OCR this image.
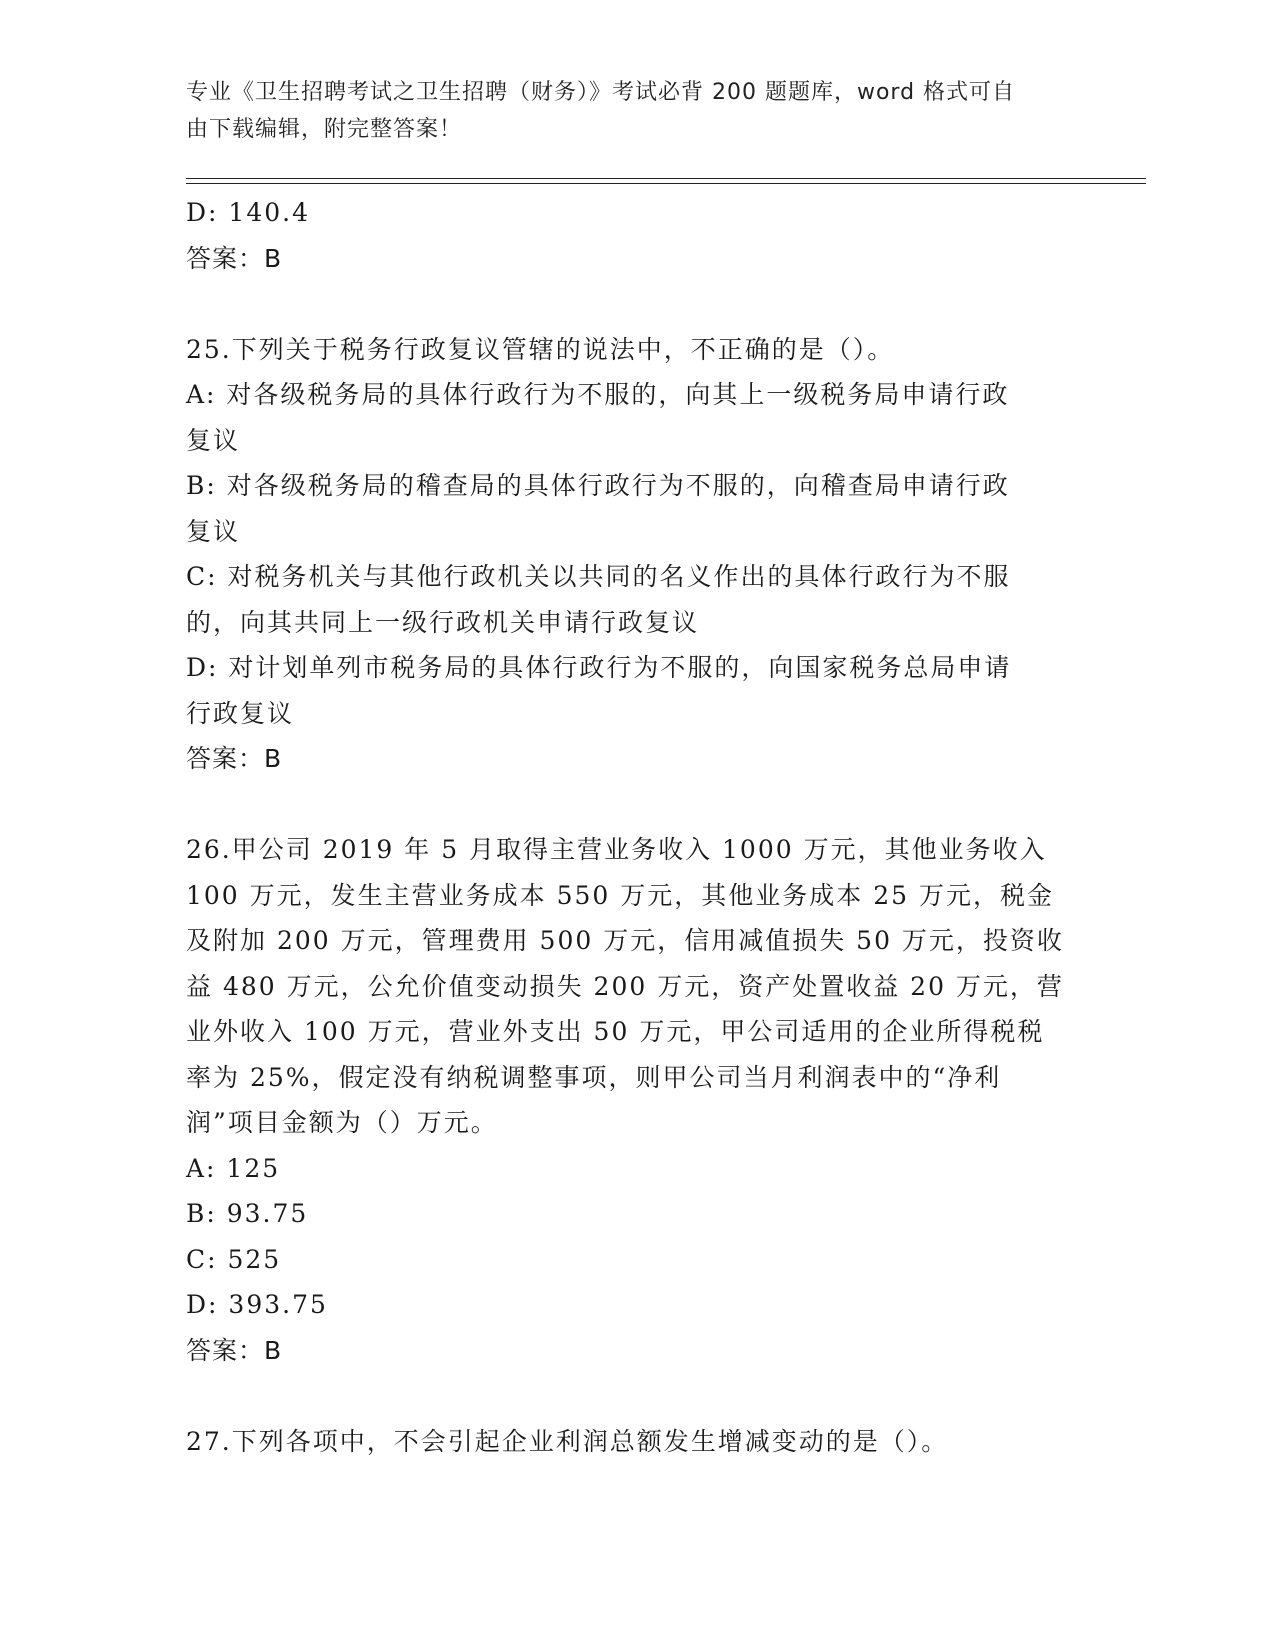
专业《卫生招聘考试之卫生招聘（财务）》考试必背 200 题题库，word 格式可自
由下载编辑，附完整答案！
D: 140.4
答案：B
25.下列关于税务行政复议管辖的说法中，不正确的是（）。
A: 对各级税务局的具体行政行为不服的，向其上一级税务局申请行政
复议
B: 对各级税务局的稽查局的具体行政行为不服的，向稽查局申请行政
复议
C: 对税务机关与其他行政机关以共同的名义作出的具体行政行为不服
的，向其共同上一级行政机关申请行政复议
D: 对计划单列市税务局的具体行政行为不服的，向国家税务总局申请
行政复议
答案：B
26.甲公司 2019 年 5 月取得主营业务收入 1000 万元，其他业务收入
100 万元，发生主营业务成本 550 万元，其他业务成本 25 万元，税金
及附加 200 万元，管理费用 500 万元，信用减值损失 50 万元，投资收
益 480 万元，公允价值变动损失 200 万元，资产处置收益 20 万元，营
业外收入 100 万元，营业外支出 50 万元，甲公司适用的企业所得税税
率为 25%，假定没有纳税调整事项，则甲公司当月利润表中的“净利
润”项目金额为（）万元。
A: 125
B: 93.75
C: 525
D: 393.75
答案：B
27.下列各项中，不会引起企业利润总额发生增减变动的是（）。
